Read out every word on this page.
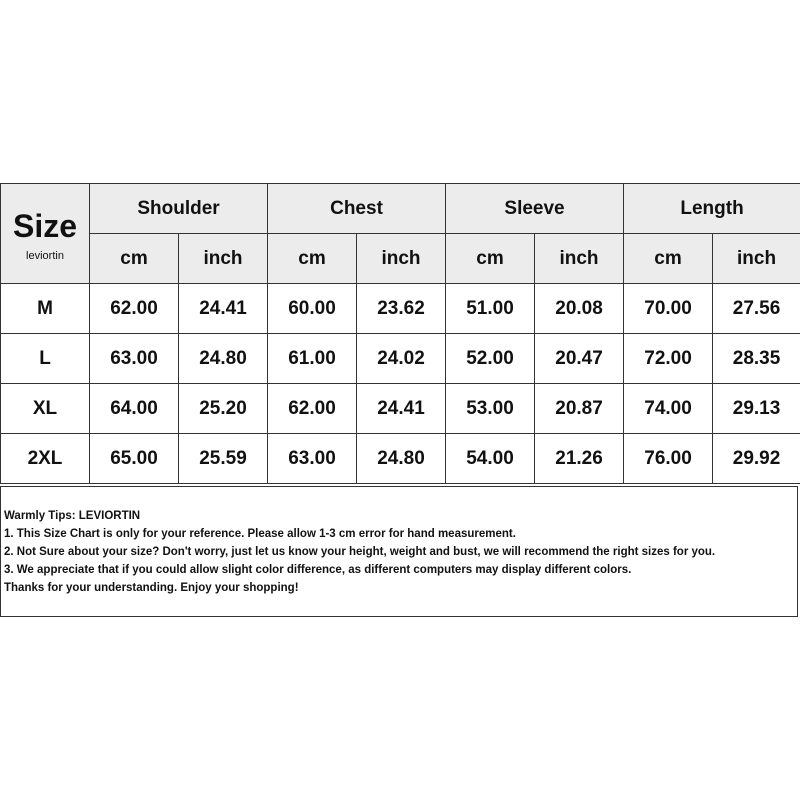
Size
leviortin	Shoulder		Chest		Sleeve		Length	
	cm	inch	cm	inch	cm	inch	cm	inch
M	62.00	24.41	60.00	23.62	51.00	20.08	70.00	27.56
L	63.00	24.80	61.00	24.02	52.00	20.47	72.00	28.35
XL	64.00	25.20	62.00	24.41	53.00	20.87	74.00	29.13
2XL	65.00	25.59	63.00	24.80	54.00	21.26	76.00	29.92
Warmly Tips: LEVIORTIN
1. This Size Chart is only for your reference. Please allow 1-3 cm error for hand measurement.
2. Not Sure about your size? Don't worry, just let us know your height, weight and bust, we will recommend the right sizes for you.
3. We appreciate that if you could allow slight color difference, as different computers may display different colors.
Thanks for your understanding. Enjoy your shopping!
